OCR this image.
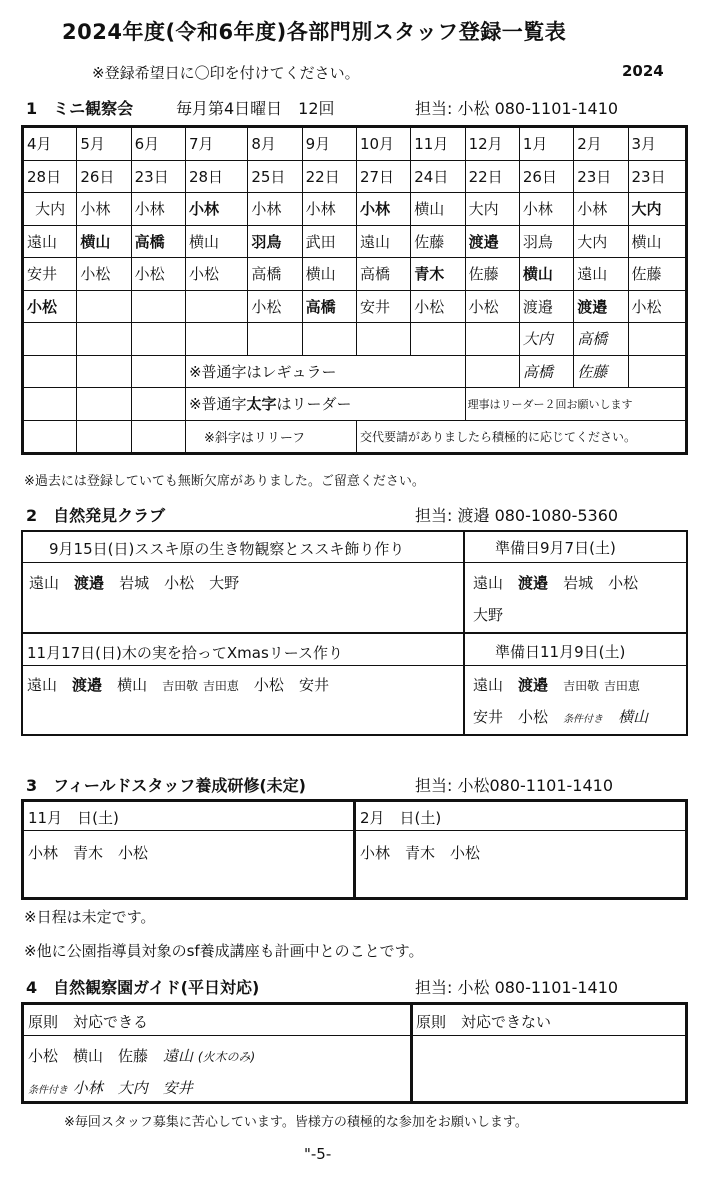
2024年度(令和6年度)各部門別スタッフ登録一覧表
※登録希望日に〇印を付けてください。	2024
1　ミニ観察会	毎月第4日曜日　12回	担当: 小松 080-1101-1410
4月	5月	6月	7月	8月	9月	10月	11月	12月	1月	2月	3月
28日	26日	23日	28日	25日	22日	27日	24日	22日	26日	23日	23日
大内	小林	小林	小林	小林	小林	小林	横山	大内	小林	小林	大内
遠山	横山	高橋	横山	羽鳥	武田	遠山	佐藤	渡邉	羽鳥	大内	横山
安井	小松	小松	小松	高橋	横山	高橋	青木	佐藤	横山	遠山	佐藤
小松				小松	高橋	安井	小松	小松	渡邉	渡邉	小松
									大内	高橋	
			※普通字はレギュラー						高橋	佐藤	
			※普通字太字はリーダー					理事はリーダー２回お願いします			
			※斜字はリリーフ			交代要請がありましたら積極的に応じてください。					
※過去には登録していても無断欠席がありました。ご留意ください。
2　自然発見クラブ	担当: 渡邉 080-1080-5360
9月15日(日)ススキ原の生き物観察とススキ飾り作り	準備日9月7日(土)
遠山　 渡邉　 岩城　 小松　 大野	遠山　 渡邉　 岩城　 小松
大野
11月17日(日)木の実を拾ってXmasリース作り	準備日11月9日(土)
遠山　 渡邉　 横山　 吉田敬 吉田恵　 小松　 安井	遠山　 渡邉　 吉田敬 吉田恵
安井　 小松　 条件付き　 横山
3　フィールドスタッフ養成研修(未定)	担当: 小松080-1101-1410
11月　日(土)
小林　青木　小松
2月　日(土)
小林　青木　小松
※日程は未定です。
※他に公園指導員対象のsf養成講座も計画中とのことです。
4　自然観察園ガイド(平日対応)	担当: 小松 080-1101-1410
原則　対応できる	原則　対応できない
小松　横山　佐藤　 遠山 (火木のみ)
条件付き 小林　大内　安井
※毎回スタッフ募集に苦心しています。皆様方の積極的な参加をお願いします。
"-5-
